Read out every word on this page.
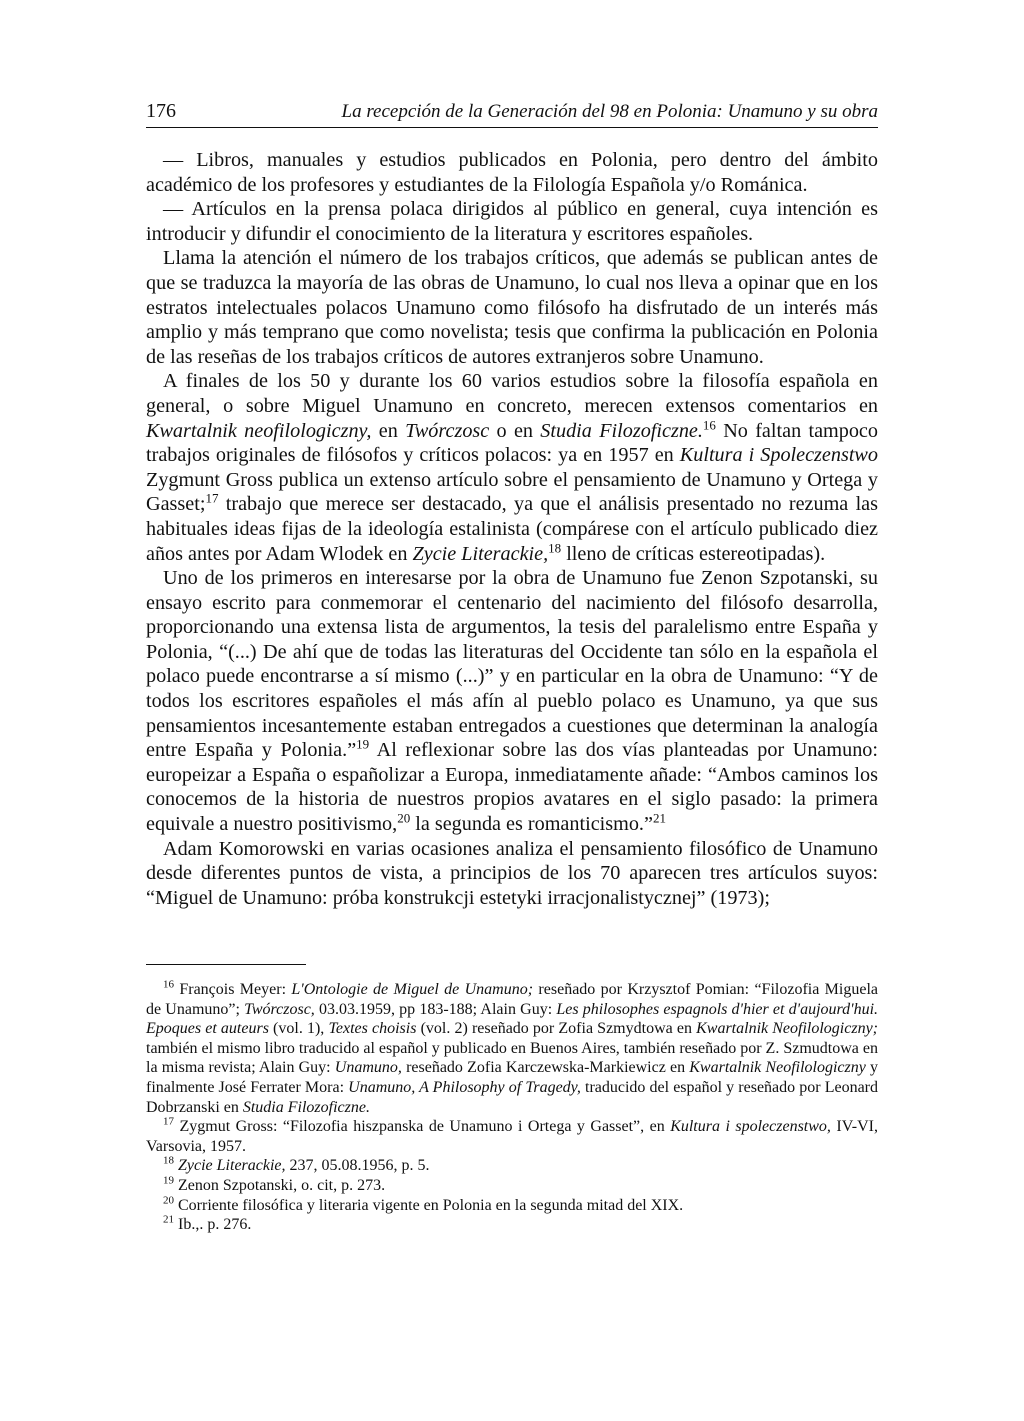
176	La recepción de la Generación del 98 en Polonia: Unamuno y su obra

— Libros, manuales y estudios publicados en Polonia, pero dentro del ámbito académico de los profesores y estudiantes de la Filología Española y/o Románica.

— Artículos en la prensa polaca dirigidos al público en general, cuya intención es introducir y difundir el conocimiento de la literatura y escritores españoles.

Llama la atención el número de los trabajos críticos, que además se publican antes de que se traduzca la mayoría de las obras de Unamuno, lo cual nos lleva a opinar que en los estratos intelectuales polacos Unamuno como filósofo ha disfrutado de un interés más amplio y más temprano que como novelista; tesis que confirma la publicación en Polonia de las reseñas de los trabajos críticos de autores extranjeros sobre Unamuno.

A finales de los 50 y durante los 60 varios estudios sobre la filosofía española en general, o sobre Miguel Unamuno en concreto, merecen extensos comentarios en Kwartalnik neofilologiczny, en Twórczosc o en Studia Filozoficzne.$^{16}$ No faltan tampoco trabajos originales de filósofos y críticos polacos: ya en 1957 en Kultura i Spoleczenstwo Zygmunt Gross publica un extenso artículo sobre el pensamiento de Unamuno y Ortega y Gasset;$^{17}$ trabajo que merece ser destacado, ya que el análisis presentado no rezuma las habituales ideas fijas de la ideología estalinista (compárese con el artículo publicado diez años antes por Adam Wlodek en Zycie Literackie,$^{18}$ lleno de críticas estereotipadas).

Uno de los primeros en interesarse por la obra de Unamuno fue Zenon Szpotanski, su ensayo escrito para conmemorar el centenario del nacimiento del filósofo desarrolla, proporcionando una extensa lista de argumentos, la tesis del paralelismo entre España y Polonia, “(...) De ahí que de todas las literaturas del Occidente tan sólo en la española el polaco puede encontrarse a sí mismo (...)” y en particular en la obra de Unamuno: “Y de todos los escritores españoles el más afín al pueblo polaco es Unamuno, ya que sus pensamientos incesantemente estaban entregados a cuestiones que determinan la analogía entre España y Polonia.”$^{19}$ Al reflexionar sobre las dos vías planteadas por Unamuno: europeizar a España o españolizar a Europa, inmediatamente añade: “Ambos caminos los conocemos de la historia de nuestros propios avatares en el siglo pasado: la primera equivale a nuestro positivismo,$^{20}$ la segunda es romanticismo.”$^{21}$

Adam Komorowski en varias ocasiones analiza el pensamiento filosófico de Unamuno desde diferentes puntos de vista, a principios de los 70 aparecen tres artículos suyos: “Miguel de Unamuno: próba konstrukcji estetyki irracjonalistycznej” (1973);

$^{16}$ François Meyer: L'Ontologie de Miguel de Unamuno; reseñado por Krzysztof Pomian: “Filozofia Miguela de Unamuno”; Twórczosc, 03.03.1959, pp 183-188; Alain Guy: Les philosophes espagnols d'hier et d'aujourd'hui. Epoques et auteurs (vol. 1), Textes choisis (vol. 2) reseñado por Zofia Szmydtowa en Kwartalnik Neofilologiczny; también el mismo libro traducido al español y publicado en Buenos Aires, también reseñado por Z. Szmudtowa en la misma revista; Alain Guy: Unamuno, reseñado Zofia Karczewska-Markiewicz en Kwartalnik Neofilologiczny y finalmente José Ferrater Mora: Unamuno, A Philosophy of Tragedy, traducido del español y reseñado por Leonard Dobrzanski en Studia Filozoficzne.

$^{17}$ Zygmut Gross: “Filozofia hiszpanska de Unamuno i Ortega y Gasset”, en Kultura i spoleczenstwo, IV-VI, Varsovia, 1957.

$^{18}$ Zycie Literackie, 237, 05.08.1956, p. 5.

$^{19}$ Zenon Szpotanski, o. cit, p. 273.

$^{20}$ Corriente filosófica y literaria vigente en Polonia en la segunda mitad del XIX.

$^{21}$ Ib.,. p. 276.
